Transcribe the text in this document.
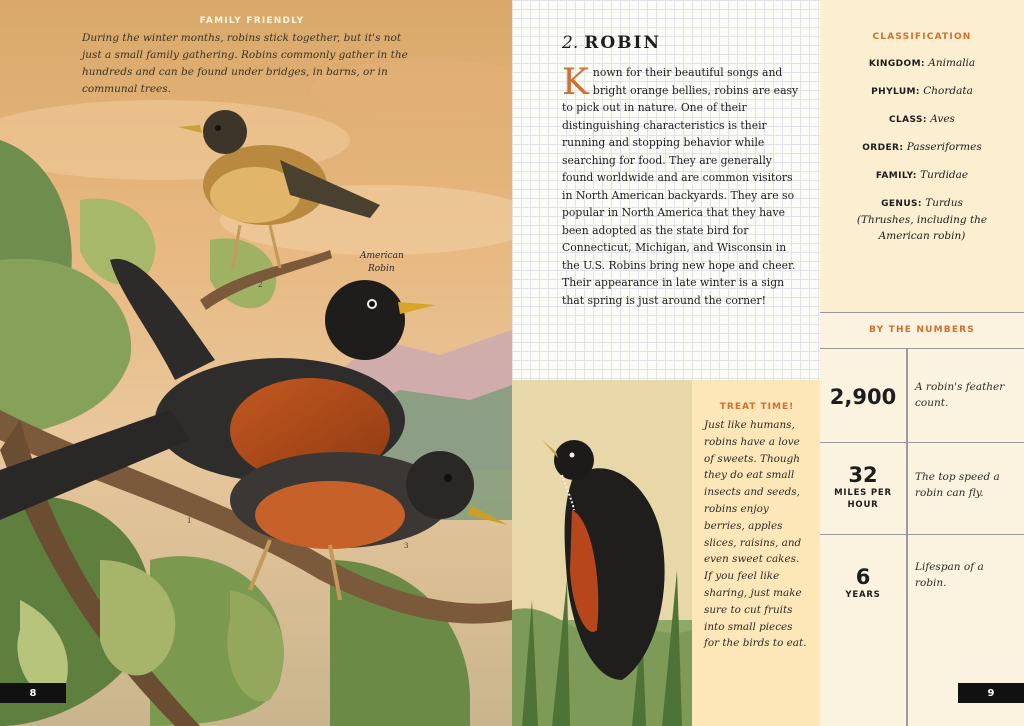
American
Robin
1
2
3
FAMILY FRIENDLY
During the winter months, robins stick together, but it's not just a small family gathering. Robins commonly gather in the hundreds and can be found under bridges, in barns, or in communal trees.
8
2. ROBIN
Known for their beautiful songs and bright orange bellies, robins are easy to pick out in nature. One of their distinguishing characteristics is their running and stopping behavior while searching for food. They are generally found worldwide and are common visitors in North American backyards. They are so popular in North America that they have been adopted as the state bird for Connecticut, Michigan, and Wisconsin in the U.S. Robins bring new hope and cheer. Their appearance in late winter is a sign that spring is just around the corner!
TREAT TIME!
Just like humans, robins have a love of sweets. Though they do eat small insects and seeds, robins enjoy berries, apples slices, raisins, and even sweet cakes. If you feel like sharing, just make sure to cut fruits into small pieces for the birds to eat.
CLASSIFICATION
KINGDOM: Animalia
PHYLUM: Chordata
CLASS: Aves
ORDER: Passeriformes
FAMILY: Turdidae
GENUS: Turdus
(Thrushes, including the American robin)
BY THE NUMBERS
2,900	A robin's feather count.
32
MILES PER HOUR
The top speed a robin can fly.
6
YEARS
Lifespan of a robin.
9
